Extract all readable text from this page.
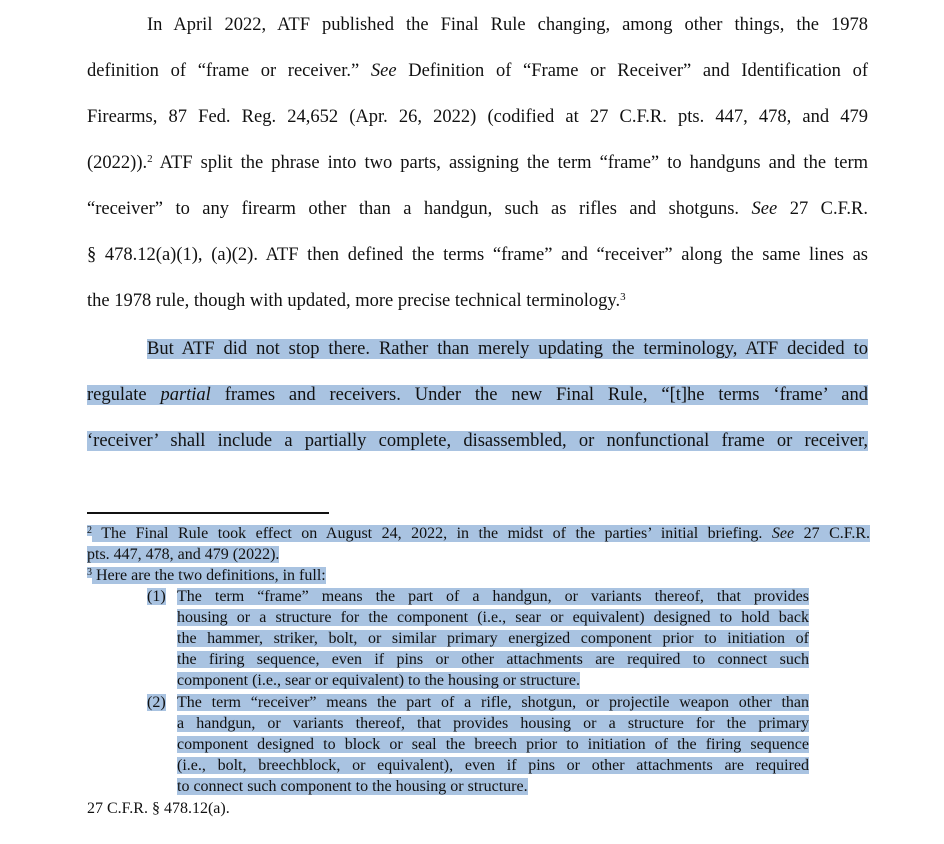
In April 2022, ATF published the Final Rule changing, among other things, the 1978
definition of “frame or receiver.” See Definition of “Frame or Receiver” and Identification of
Firearms, 87 Fed. Reg. 24,652 (Apr. 26, 2022) (codified at 27 C.F.R. pts. 447, 478, and 479
(2022)).$^2$ ATF split the phrase into two parts, assigning the term “frame” to handguns and the term
“receiver” to any firearm other than a handgun, such as rifles and shotguns. See 27 C.F.R.
§ 478.12(a)(1), (a)(2). ATF then defined the terms “frame” and “receiver” along the same lines as
the 1978 rule, though with updated, more precise technical terminology.$^3$
But ATF did not stop there. Rather than merely updating the terminology, ATF decided to
regulate partial frames and receivers. Under the new Final Rule, “[t]he terms ‘frame’ and
‘receiver’ shall include a partially complete, disassembled, or nonfunctional frame or receiver,
$^2$ The Final Rule took effect on August 24, 2022, in the midst of the parties’ initial briefing. See 27 C.F.R.
pts. 447, 478, and 479 (2022).
$^3$ Here are the two definitions, in full:
(1) The term “frame” means the part of a handgun, or variants thereof, that provides
housing or a structure for the component (i.e., sear or equivalent) designed to hold back
the hammer, striker, bolt, or similar primary energized component prior to initiation of
the firing sequence, even if pins or other attachments are required to connect such
component (i.e., sear or equivalent) to the housing or structure.
(2) The term “receiver” means the part of a rifle, shotgun, or projectile weapon other than
a handgun, or variants thereof, that provides housing or a structure for the primary
component designed to block or seal the breech prior to initiation of the firing sequence
(i.e., bolt, breechblock, or equivalent), even if pins or other attachments are required
to connect such component to the housing or structure.
27 C.F.R. § 478.12(a).
